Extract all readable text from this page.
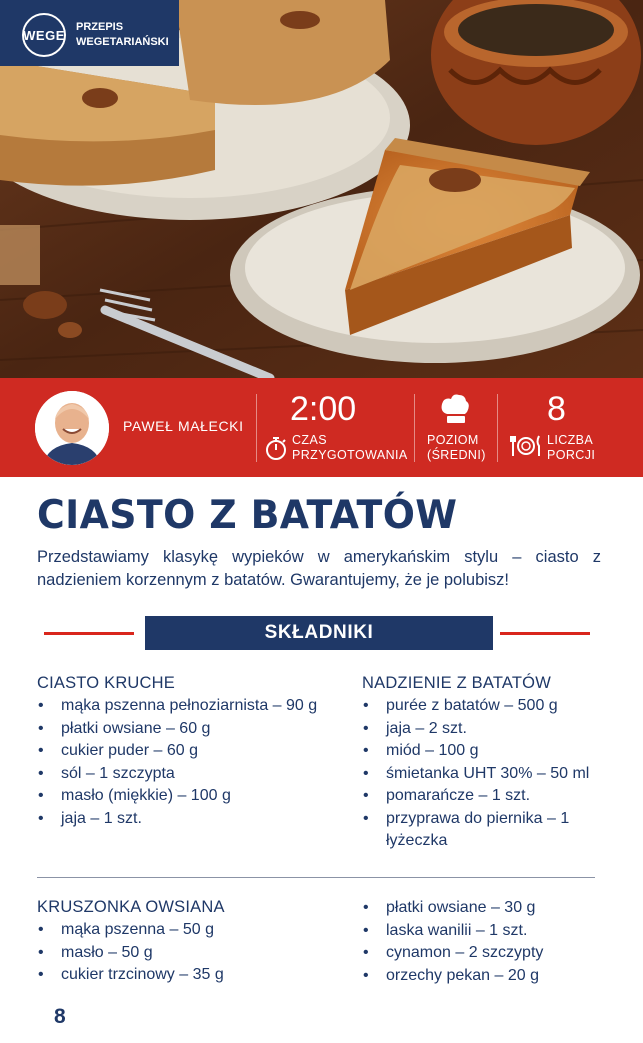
WEGE
PRZEPIS
WEGETARIAŃSKI
PAWEŁ MAŁECKI 2:00
CZAS
PRZYGOTOWANIA
POZIOM
(ŚREDNI)
8
LICZBA
PORCJI
CIASTO Z BATATÓW
Przedstawiamy klasykę wypieków w amerykańskim stylu – ciasto z nadzieniem korzennym z batatów. Gwarantujemy, że je polubisz!
SKŁADNIKI
CIASTO KRUCHE
• mąka pszenna pełnoziarnista – 90 g
• płatki owsiane – 60 g
• cukier puder – 60 g
• sól – 1 szczypta
• masło (miękkie) – 100 g
• jaja – 1 szt.
NADZIENIE Z BATATÓW
• purée z batatów – 500 g
• jaja – 2 szt.
• miód – 100 g
• śmietanka UHT 30% – 50 ml
• pomarańcze – 1 szt.
• przyprawa do piernika – 1 łyżeczka
KRUSZONKA OWSIANA
• mąka pszenna – 50 g
• masło – 50 g
• cukier trzcinowy – 35 g
• płatki owsiane – 30 g
• laska wanilii – 1 szt.
• cynamon – 2 szczypty
• orzechy pekan – 20 g
8
